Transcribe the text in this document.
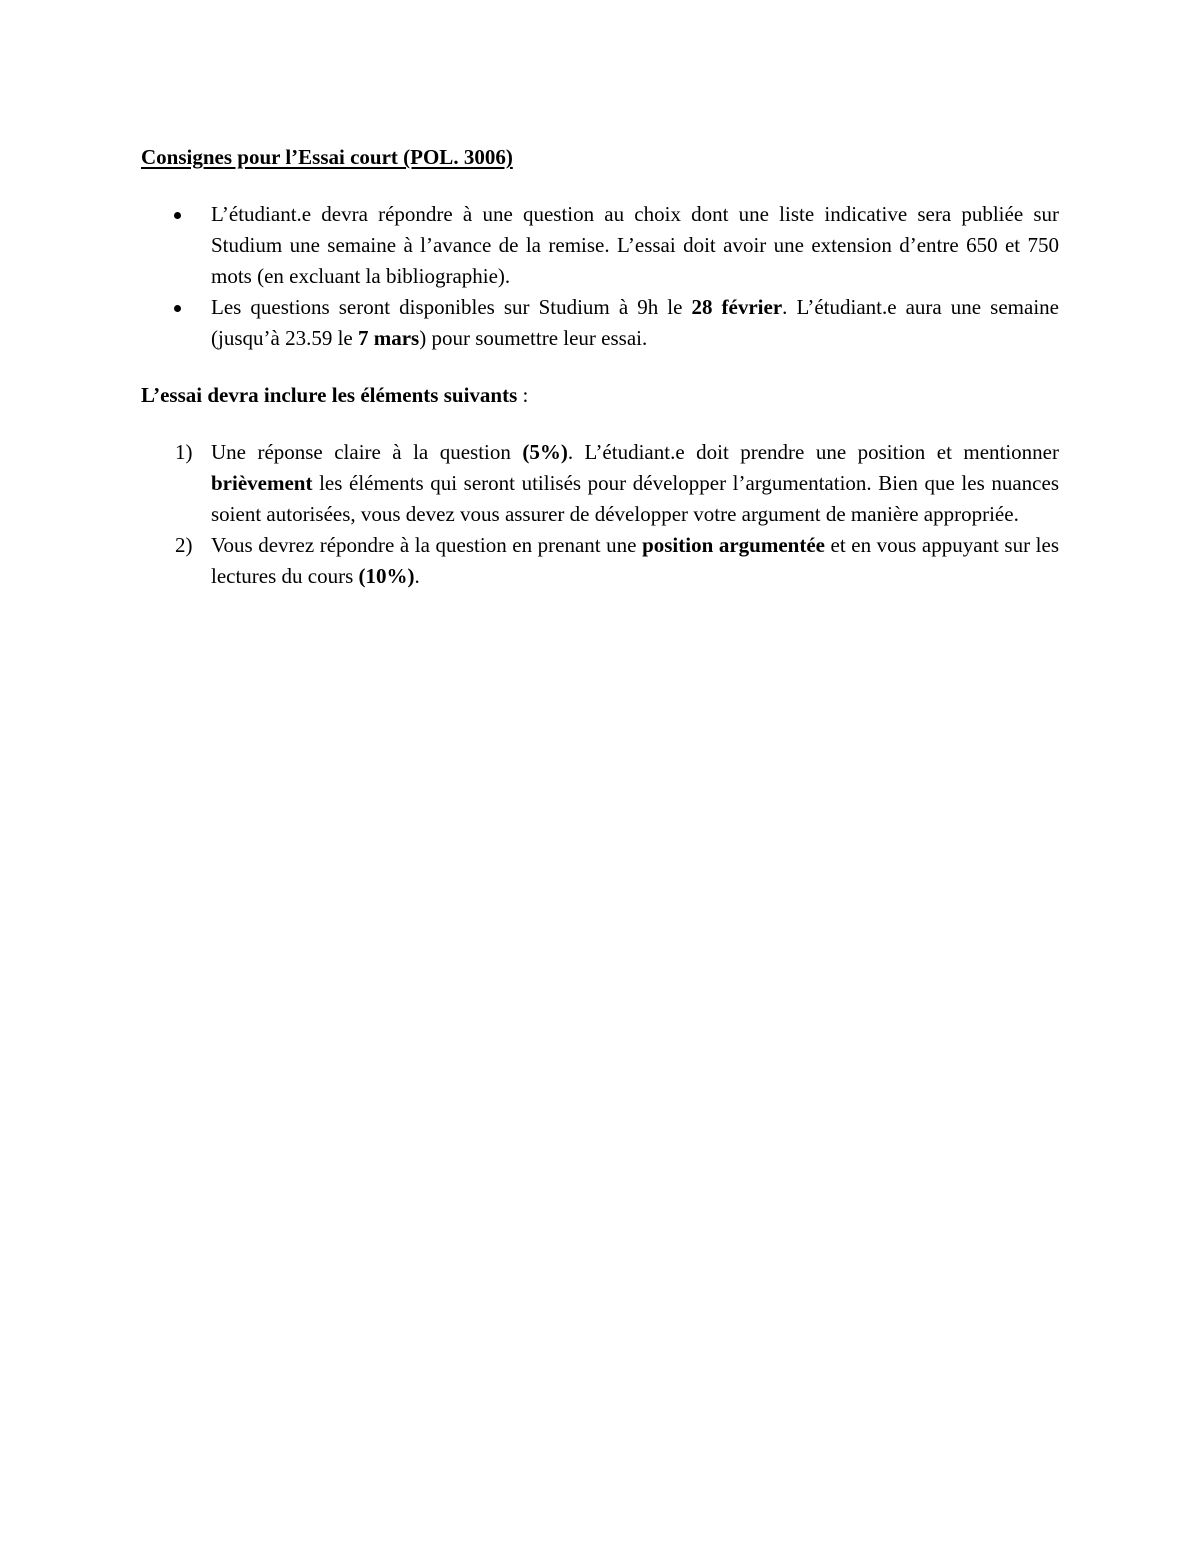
Consignes pour l’Essai court (POL. 3006)
L’étudiant.e devra répondre à une question au choix dont une liste indicative sera publiée sur Studium une semaine à l’avance de la remise. L’essai doit avoir une extension d’entre 650 et 750 mots (en excluant la bibliographie).
Les questions seront disponibles sur Studium à 9h le 28 février. L’étudiant.e aura une semaine (jusqu’à 23.59 le 7 mars) pour soumettre leur essai.
L’essai devra inclure les éléments suivants :
1) Une réponse claire à la question (5%). L’étudiant.e doit prendre une position et mentionner brièvement les éléments qui seront utilisés pour développer l’argumentation. Bien que les nuances soient autorisées, vous devez vous assurer de développer votre argument de manière appropriée.
2) Vous devrez répondre à la question en prenant une position argumentée et en vous appuyant sur les lectures du cours (10%).
